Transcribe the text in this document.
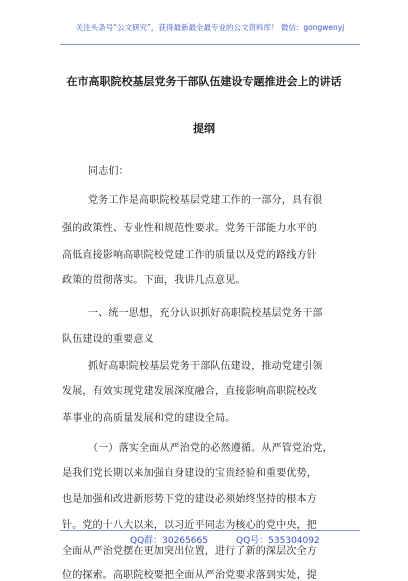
关注头条号“公文研究”，获得最新最全最专业的公文资料库！ 微信：gongwenyj
在市高职院校基层党务干部队伍建设专题推进会上的讲话
提纲
同志们：
党务工作是高职院校基层党建工作的一部分，具有很
强的政策性、专业性和规范性要求。党务干部能力水平的
高低直接影响高职院校党建工作的质量以及党的路线方针
政策的贯彻落实。下面，我讲几点意见。
一、统一思想，充分认识抓好高职院校基层党务干部
队伍建设的重要意义
抓好高职院校基层党务干部队伍建设，推动党建引领
发展，有效实现党建发展深度融合，直接影响高职院校改
革事业的高质量发展和党的建设全局。
（一）落实全面从严治党的必然遵循。从严管党治党，
是我们党长期以来加强自身建设的宝贵经验和重要优势，
也是加强和改进新形势下党的建设必须始终坚持的根本方
针。党的十八大以来，以习近平同志为核心的党中央，把
全面从严治党摆在更加突出位置，进行了新的深层次全方
位的探索。高职院校要把全面从严治党要求落到实处，提
QQ群：30265665	QQ号：535304092
